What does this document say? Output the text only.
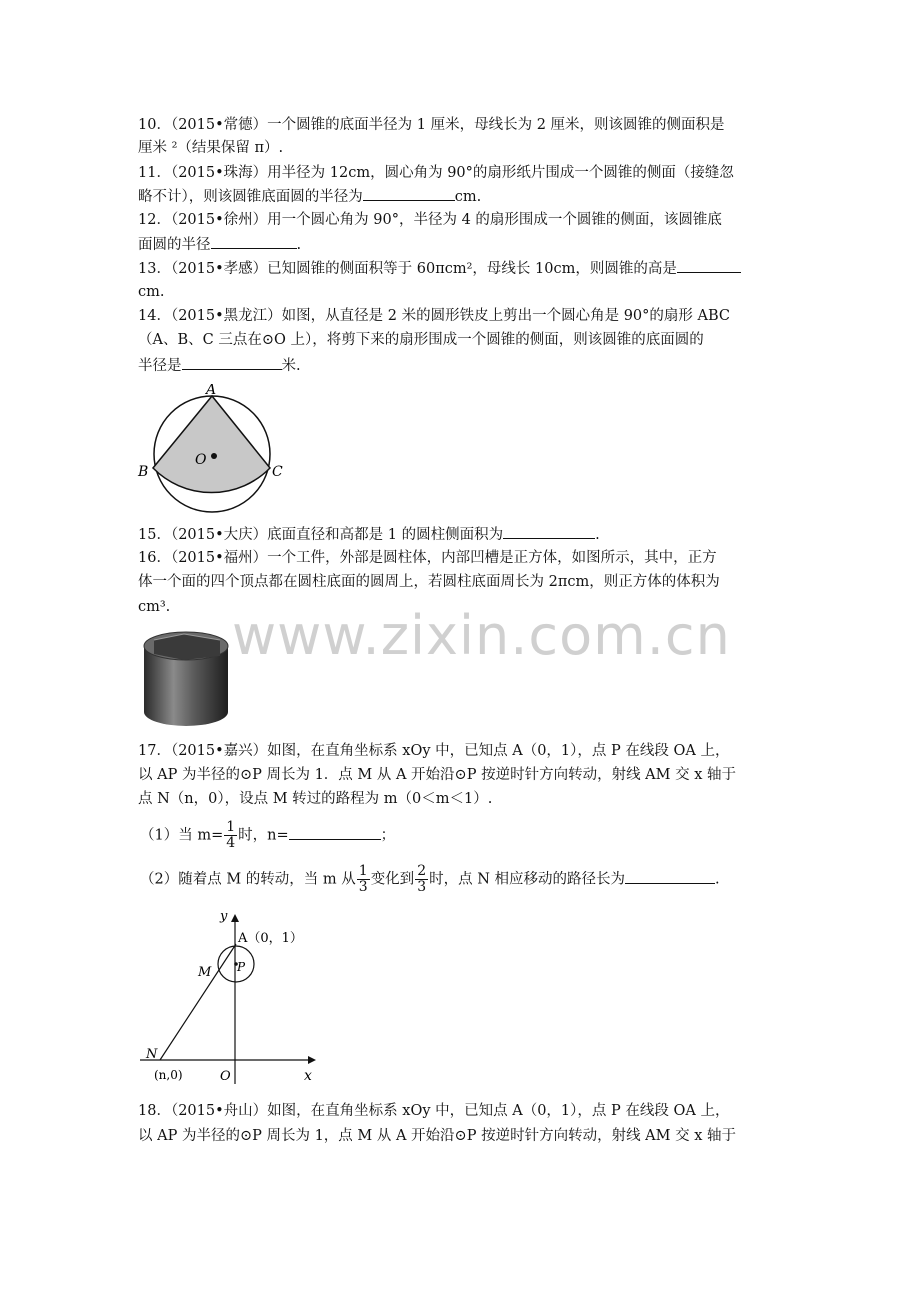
10．（2015•常德）一个圆锥的底面半径为 1 厘米，母线长为 2 厘米，则该圆锥的侧面积是
厘米 ²（结果保留 π）.
11．（2015•珠海）用半径为 12cm，圆心角为 90°的扇形纸片围成一个圆锥的侧面（接缝忽
略不计），则该圆锥底面圆的半径为	cm.
12．（2015•徐州）用一个圆心角为 90°，半径为 4 的扇形围成一个圆锥的侧面，该圆锥底
面圆的半径	.
13．（2015•孝感）已知圆锥的侧面积等于 60πcm²，母线长 10cm，则圆锥的高是
cm.
14．（2015•黑龙江）如图，从直径是 2 米的圆形铁皮上剪出一个圆心角是 90°的扇形 ABC
（A、B、C 三点在⊙O 上），将剪下来的扇形围成一个圆锥的侧面，则该圆锥的底面圆的
半径是	米.
A
B	C
O
15．（2015•大庆）底面直径和高都是 1 的圆柱侧面积为	.
16．（2015•福州）一个工件，外部是圆柱体，内部凹槽是正方体，如图所示，其中，正方
体一个面的四个顶点都在圆柱底面的圆周上，若圆柱底面周长为 2πcm，则正方体的体积为
cm³.	www.zixin.com.cn
17．（2015•嘉兴）如图，在直角坐标系 xOy 中，已知点 A（0，1），点 P 在线段 OA 上，
以 AP 为半径的⊙P 周长为 1．点 M 从 A 开始沿⊙P 按逆时针方向转动，射线 AM 交 x 轴于
点 N（n，0），设点 M 转过的路程为 m（0＜m＜1）.
（1）当 $m= \frac{1}{4}$ 时，n=	；
（2）随着点 M 的转动，当 m 从 $\frac{1}{3}$ 变化到 $\frac{2}{3}$ 时，点 N 相应移动的路径长为	.
y
x
A（0，1）
M P
N
(n,0)	O
18．（2015•舟山）如图，在直角坐标系 xOy 中，已知点 A（0，1），点 P 在线段 OA 上，
以 AP 为半径的⊙P 周长为 1，点 M 从 A 开始沿⊙P 按逆时针方向转动，射线 AM 交 x 轴于
